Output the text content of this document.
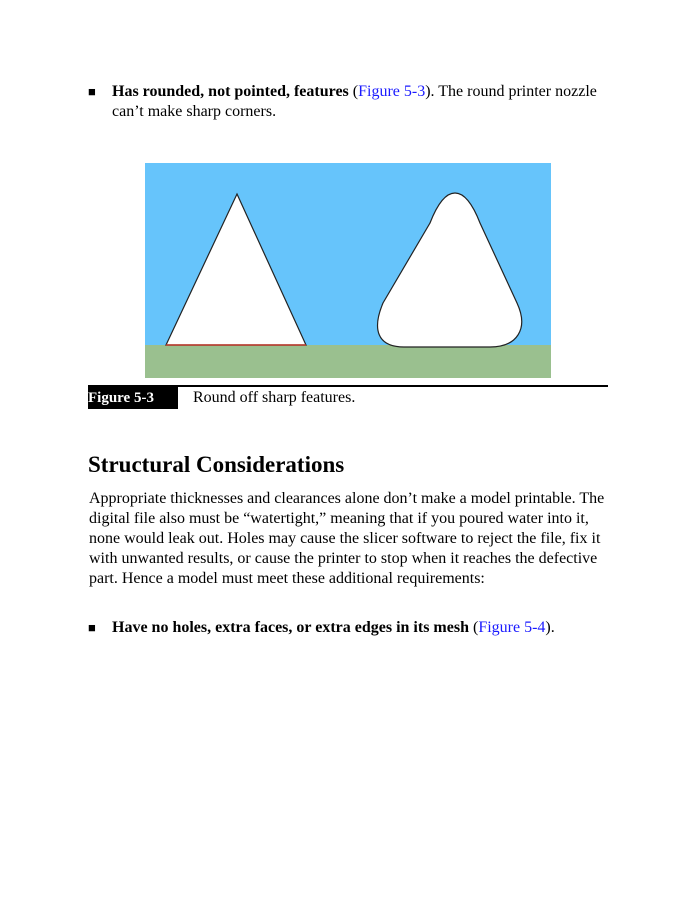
■ Has rounded, not pointed, features (Figure 5-3). The round printer nozzle can’t make sharp corners.
Figure 5-3	Round off sharp features.
Structural Considerations
Appropriate thicknesses and clearances alone don’t make a model printable. The digital file also must be “watertight,” meaning that if you poured water into it, none would leak out. Holes may cause the slicer software to reject the file, fix it with unwanted results, or cause the printer to stop when it reaches the defective part. Hence a model must meet these additional requirements:
■ Have no holes, extra faces, or extra edges in its mesh (Figure 5-4).
